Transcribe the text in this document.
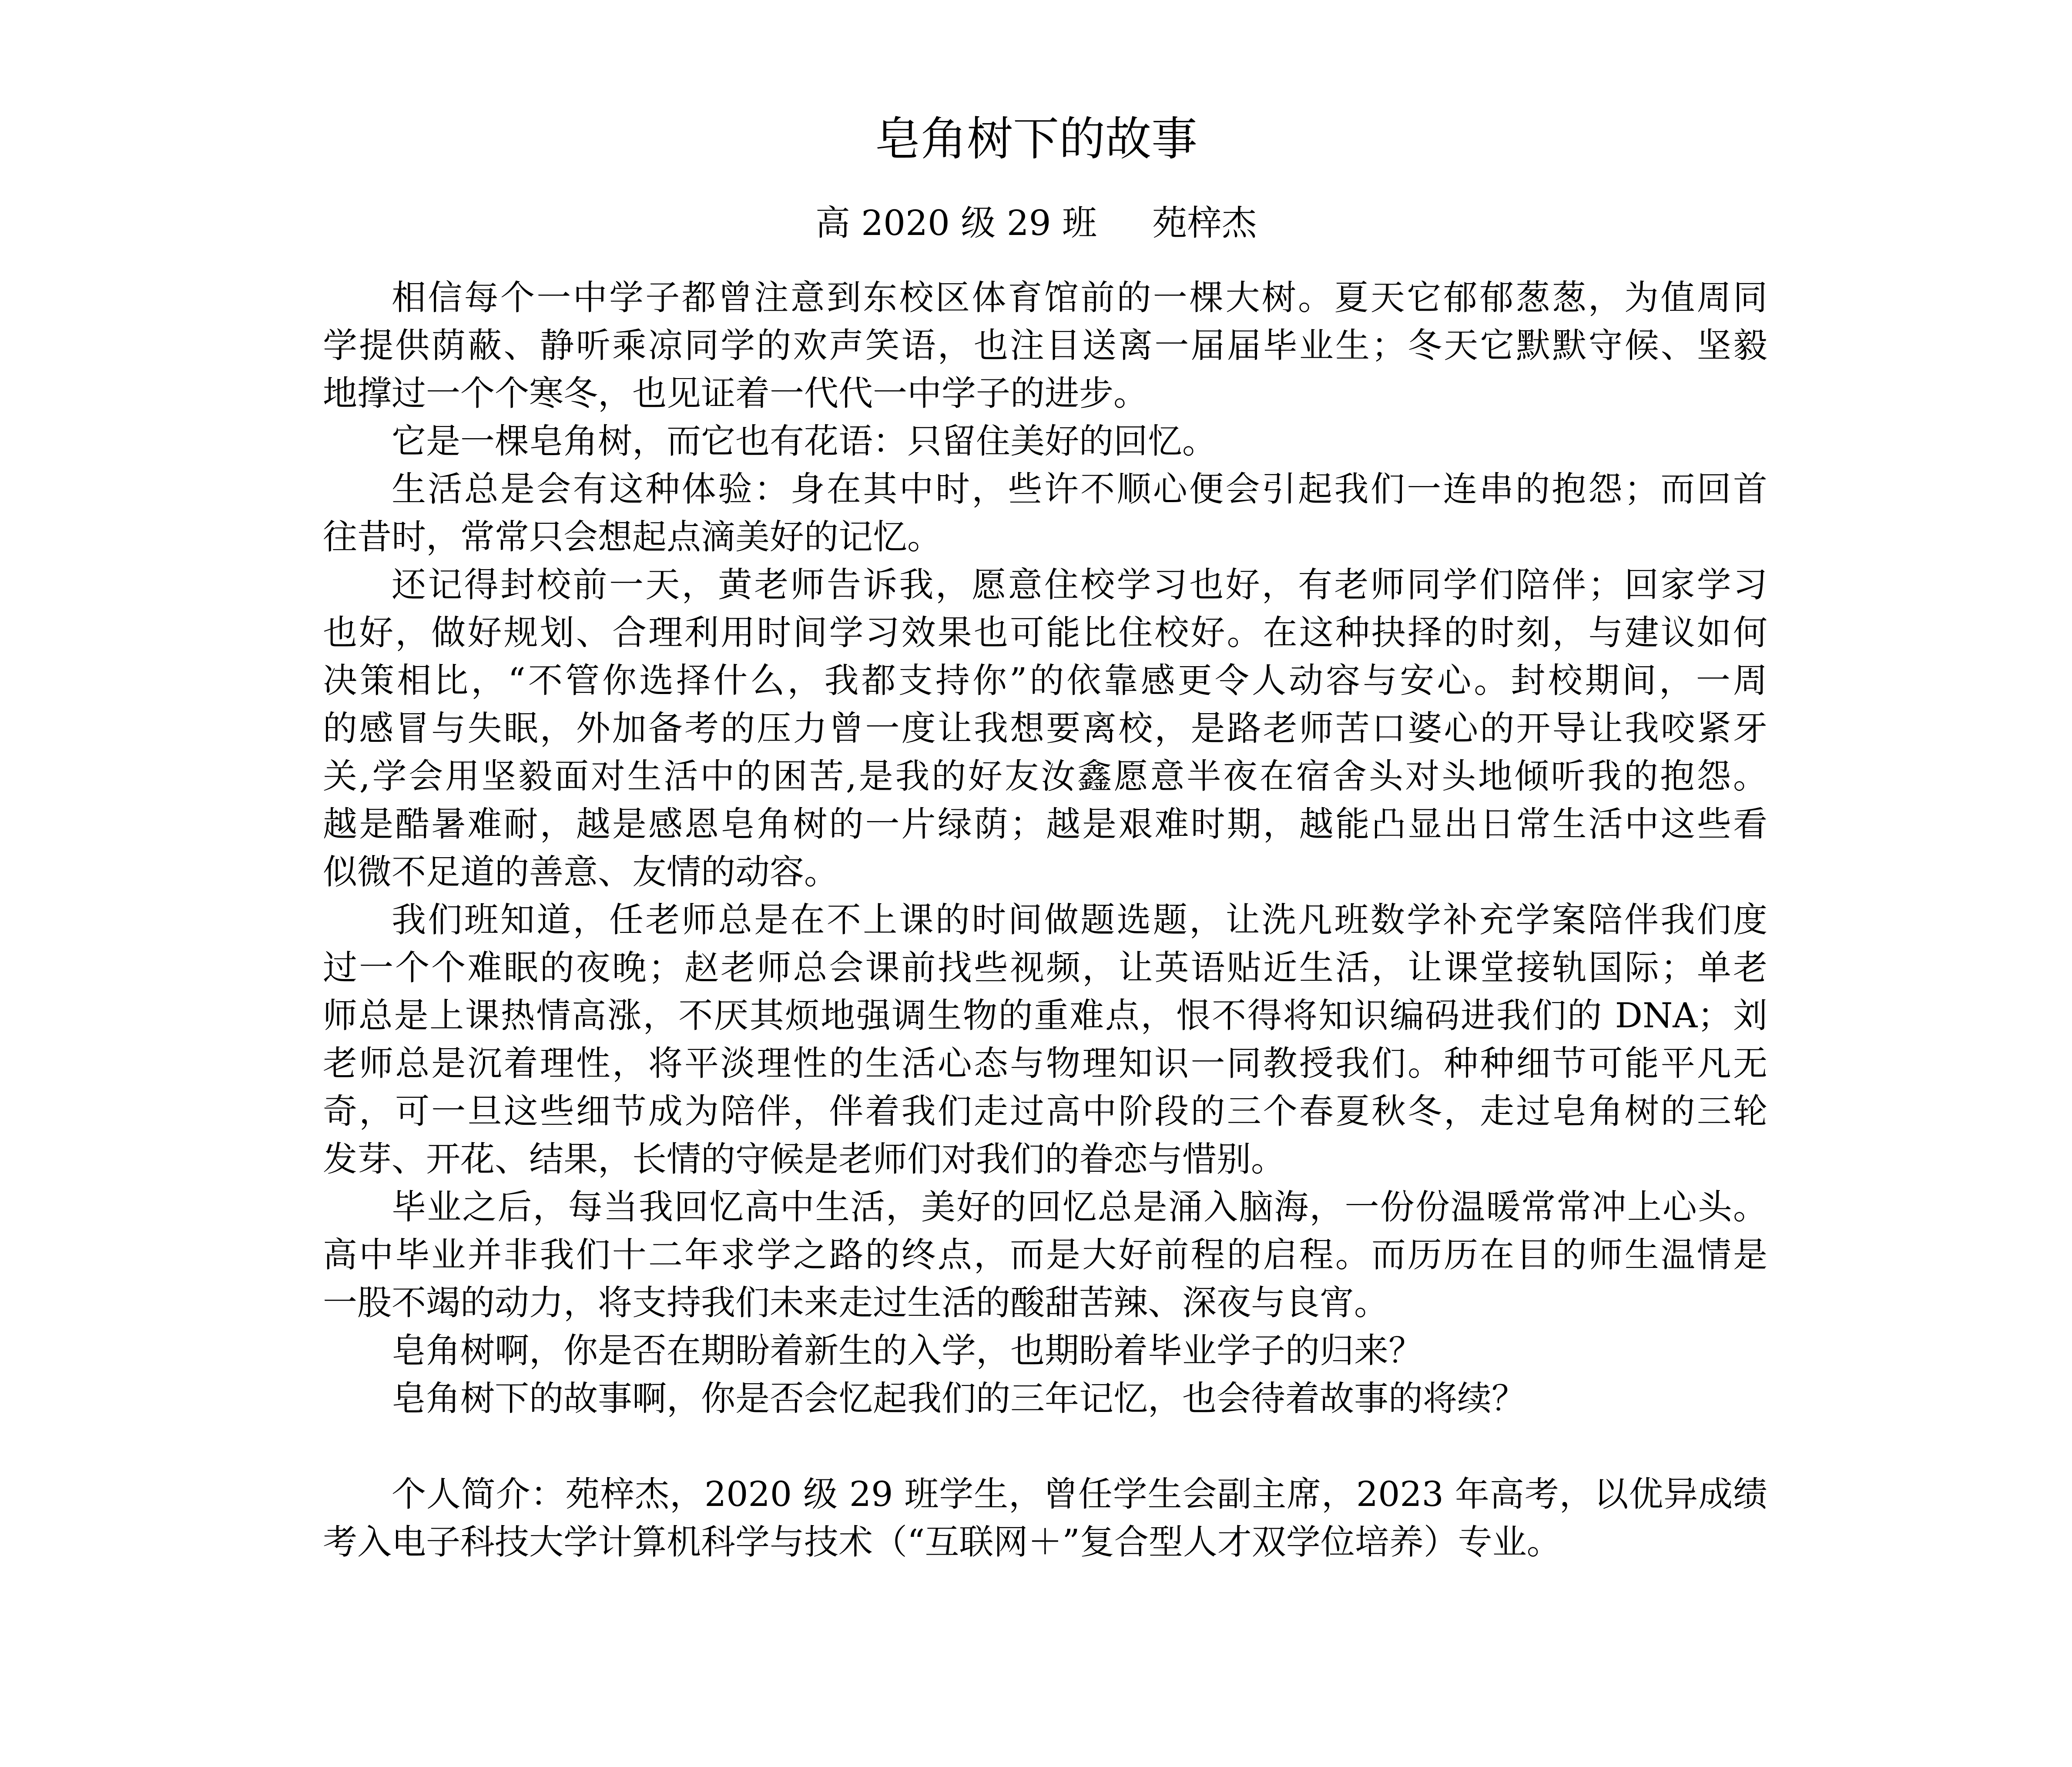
皂角树下的故事
高 2020 级 29 班     苑梓杰
相信每个一中学子都曾注意到东校区体育馆前的一棵大树。夏天它郁郁葱葱，为值周同
学提供荫蔽、静听乘凉同学的欢声笑语，也注目送离一届届毕业生；冬天它默默守候、坚毅
地撑过一个个寒冬，也见证着一代代一中学子的进步。
它是一棵皂角树，而它也有花语：只留住美好的回忆。
生活总是会有这种体验：身在其中时，些许不顺心便会引起我们一连串的抱怨；而回首
往昔时，常常只会想起点滴美好的记忆。
还记得封校前一天，黄老师告诉我，愿意住校学习也好，有老师同学们陪伴；回家学习
也好，做好规划、合理利用时间学习效果也可能比住校好。在这种抉择的时刻，与建议如何
决策相比，“不管你选择什么，我都支持你”的依靠感更令人动容与安心。封校期间，一周
的感冒与失眠，外加备考的压力曾一度让我想要离校，是路老师苦口婆心的开导让我咬紧牙
关,学会用坚毅面对生活中的困苦,是我的好友汝鑫愿意半夜在宿舍头对头地倾听我的抱怨。
越是酷暑难耐，越是感恩皂角树的一片绿荫；越是艰难时期，越能凸显出日常生活中这些看
似微不足道的善意、友情的动容。
我们班知道，任老师总是在不上课的时间做题选题，让洗凡班数学补充学案陪伴我们度
过一个个难眠的夜晚；赵老师总会课前找些视频，让英语贴近生活，让课堂接轨国际；单老
师总是上课热情高涨，不厌其烦地强调生物的重难点，恨不得将知识编码进我们的 DNA；刘
老师总是沉着理性，将平淡理性的生活心态与物理知识一同教授我们。种种细节可能平凡无
奇，可一旦这些细节成为陪伴，伴着我们走过高中阶段的三个春夏秋冬，走过皂角树的三轮
发芽、开花、结果，长情的守候是老师们对我们的眷恋与惜别。
毕业之后，每当我回忆高中生活，美好的回忆总是涌入脑海，一份份温暖常常冲上心头。
高中毕业并非我们十二年求学之路的终点，而是大好前程的启程。而历历在目的师生温情是
一股不竭的动力，将支持我们未来走过生活的酸甜苦辣、深夜与良宵。
皂角树啊，你是否在期盼着新生的入学，也期盼着毕业学子的归来？
皂角树下的故事啊，你是否会忆起我们的三年记忆，也会待着故事的将续？
个人简介：苑梓杰，2020 级 29 班学生，曾任学生会副主席，2023 年高考，以优异成绩
考入电子科技大学计算机科学与技术（“互联网＋”复合型人才双学位培养）专业。
